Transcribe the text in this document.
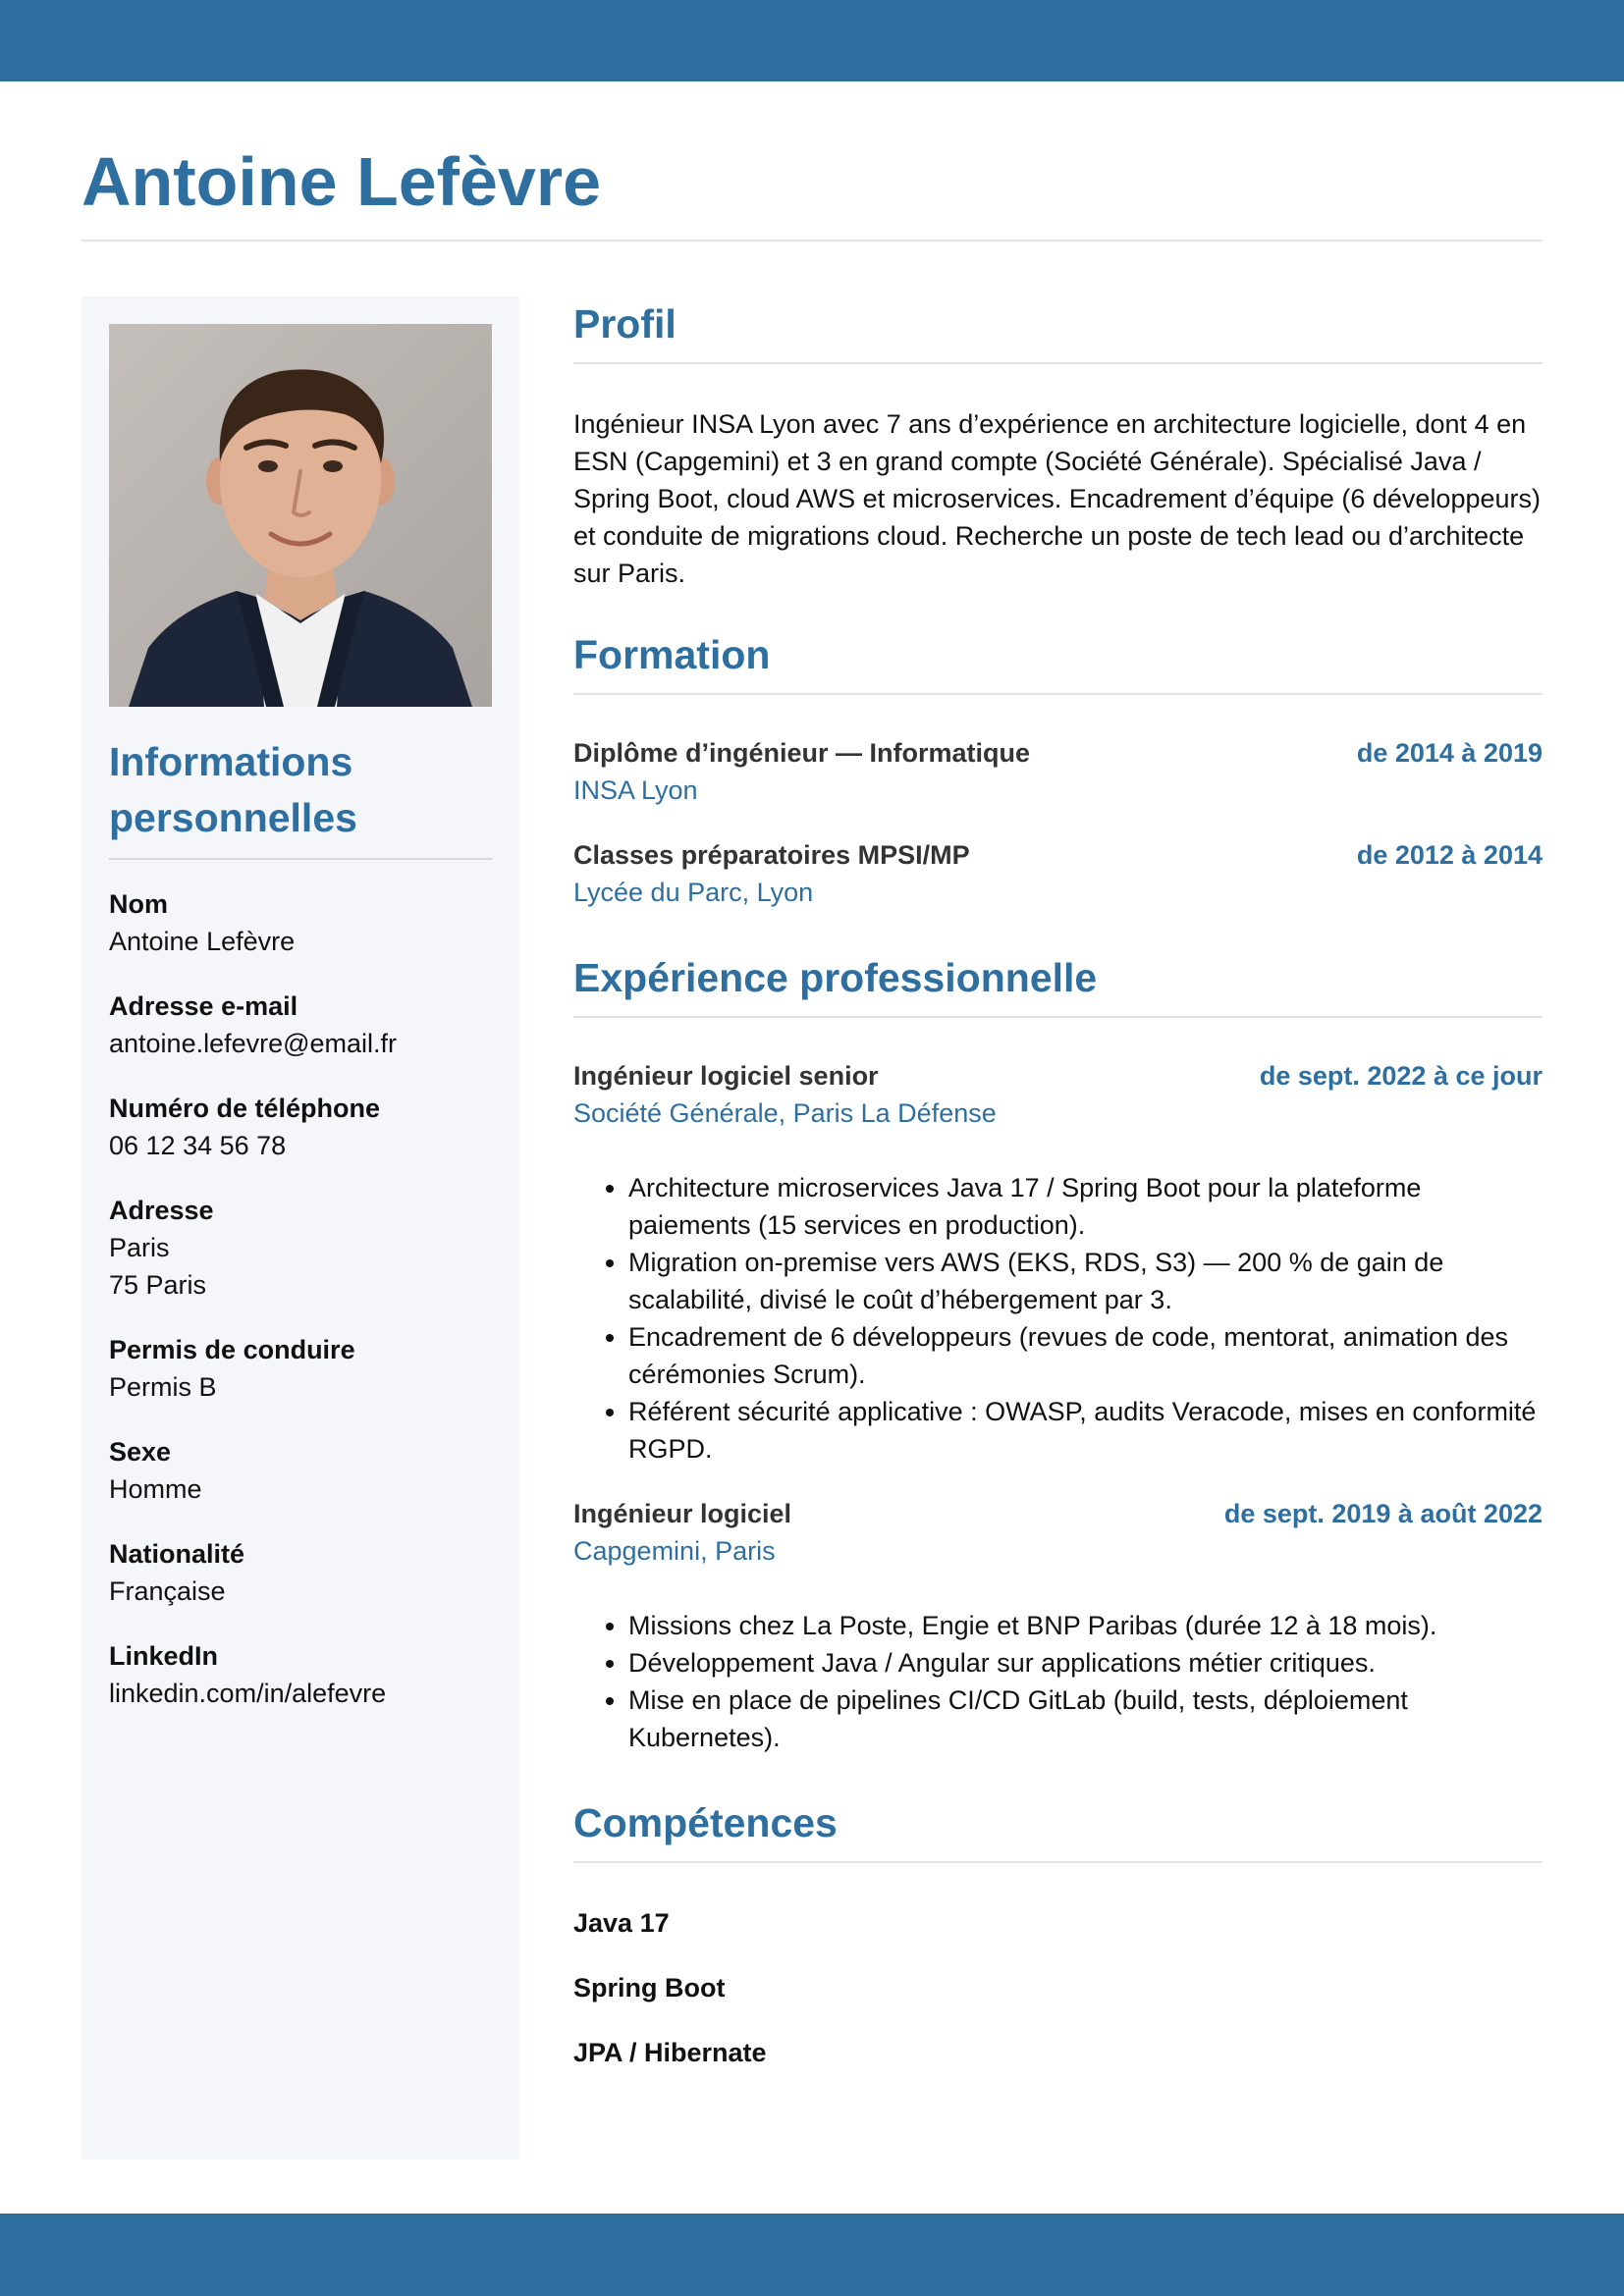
Antoine Lefèvre
Informations personnelles
Nom
Antoine Lefèvre
Adresse e-mail
antoine.lefevre@email.fr
Numéro de téléphone
06 12 34 56 78
Adresse
Paris
75 Paris
Permis de conduire
Permis B
Sexe
Homme
Nationalité
Française
LinkedIn
linkedin.com/in/alefevre
Profil

Ingénieur INSA Lyon avec 7 ans d’expérience en architecture logicielle, dont 4 en ESN (Capgemini) et 3 en grand compte (Société Générale). Spécialisé Java / Spring Boot, cloud AWS et microservices. Encadrement d’équipe (6 développeurs) et conduite de migrations cloud. Recherche un poste de tech lead ou d’architecte sur Paris.

Formation
Diplôme d’ingénieur — Informatique	de 2014 à 2019
INSA Lyon
Classes préparatoires MPSI/MP	de 2012 à 2014
Lycée du Parc, Lyon
Expérience professionnelle
Ingénieur logiciel senior	de sept. 2022 à ce jour
Société Générale, Paris La Défense
• Architecture microservices Java 17 / Spring Boot pour la plateforme paiements (15 services en production).
• Migration on-premise vers AWS (EKS, RDS, S3) — 200 % de gain de scalabilité, divisé le coût d’hébergement par 3.
• Encadrement de 6 développeurs (revues de code, mentorat, animation des cérémonies Scrum).
• Référent sécurité applicative : OWASP, audits Veracode, mises en conformité RGPD.
Ingénieur logiciel	de sept. 2019 à août 2022
Capgemini, Paris
• Missions chez La Poste, Engie et BNP Paribas (durée 12 à 18 mois).
• Développement Java / Angular sur applications métier critiques.
• Mise en place de pipelines CI/CD GitLab (build, tests, déploiement Kubernetes).
Compétences
Java 17
Spring Boot
JPA / Hibernate
